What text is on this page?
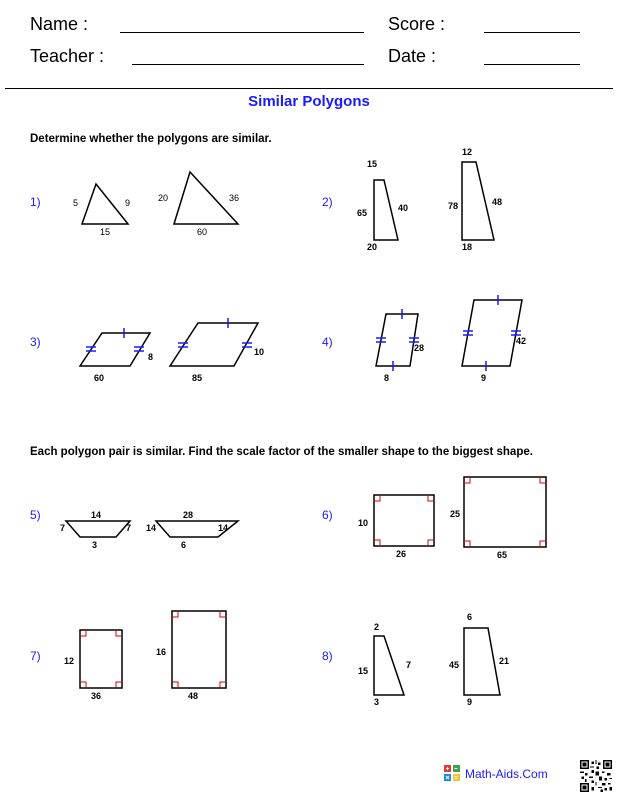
Name :
Teacher :
Score :
Date :
Similar Polygons
Determine whether the polygons are similar.
Each polygon pair is similar. Find the scale factor of the smaller shape to the biggest shape.
1)	2)
3)	4)
5)	6)
7)	8)
5	9
15
20	36
60
15
65	40
20
12
78	48
18
8
60
10
85
28
8
42
9
14
7	7
3
28
14	14
6
10
26
25
65
12
36
16
48
2
15
7
3
6
45	21
9
Math-Aids.Com
